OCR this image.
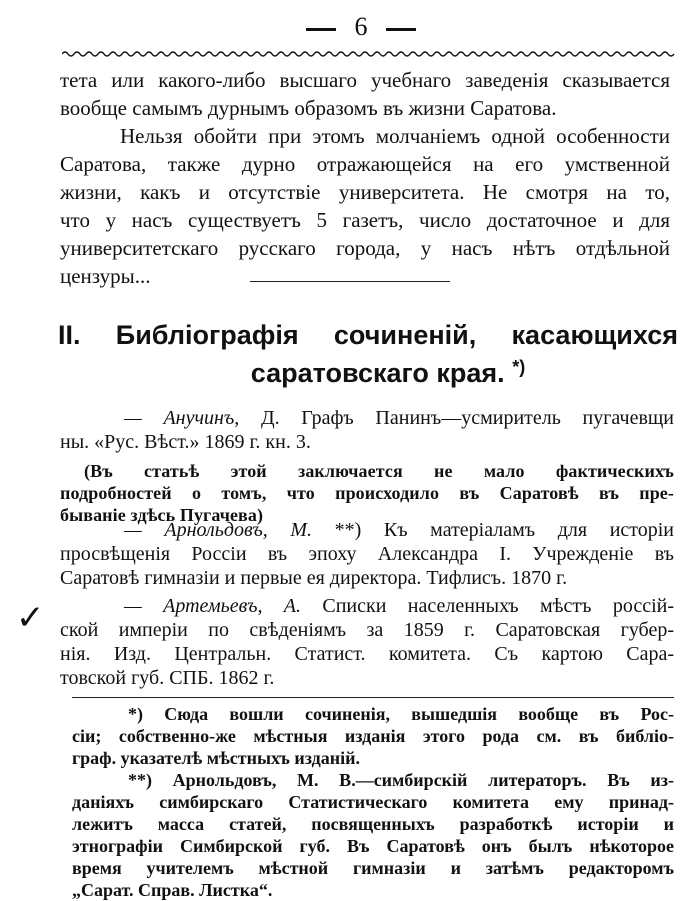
6
тета или какого-либо высшаго учебнаго заведенія сказывается
вообще самымъ дурнымъ образомъ въ жизни Саратова.
Нельзя обойти при этомъ молчаніемъ одной особенности
Саратова, также дурно отражающейся на его умственной
жизни, какъ и отсутствіе университета. Не смотря на то,
что у насъ существуетъ 5 газетъ, число достаточное и для
университетскаго русскаго города, у насъ нѣтъ отдѣльной
цензуры...
II. Библіографія сочиненій, касающихся
саратовскаго края. *)
— Анучинъ, Д. Графъ Панинъ—усмиритель пугачевщи
ны. «Рус. Вѣст.» 1869 г. кн. 3.
(Въ статьѣ этой заключается не мало фактическихъ
подробностей о томъ, что происходило въ Саратовѣ въ пре-
бываніе здѣсь Пугачева)
— Арнольдовъ, М. **) Къ матеріаламъ для исторіи
просвѣщенія Россіи въ эпоху Александра I. Учрежденіе въ
Саратовѣ гимназіи и первые ея директора. Тифлисъ. 1870 г.
✓	— Артемьевъ, А. Списки населенныхъ мѣстъ россій-
ской имперіи по свѣденіямъ за 1859 г. Саратовская губер-
нія. Изд. Центральн. Статист. комитета. Съ картою Сара-
товской губ. СПБ. 1862 г.
*) Сюда вошли сочиненія, вышедшія вообще въ Рос-
сіи; собственно-же мѣстныя изданія этого рода см. въ библіо-
граф. указателѣ мѣстныхъ изданій.
**) Арнольдовъ, М. В.—симбирскій литераторъ. Въ из-
даніяхъ симбирскаго Статистическаго комитета ему принад-
лежитъ масса статей, посвященныхъ разработкѣ исторіи и
этнографіи Симбирской губ. Въ Саратовѣ онъ былъ нѣкоторое
время учителемъ мѣстной гимназіи и затѣмъ редакторомъ
„Сарат. Справ. Листка“.
